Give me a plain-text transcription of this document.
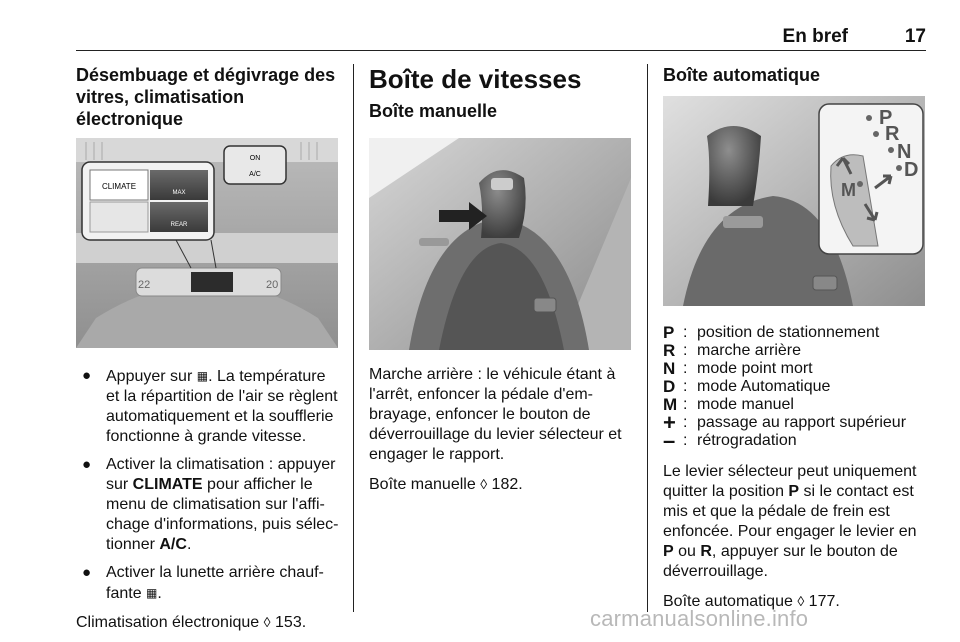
En bref	17
Désembuage et dégivrage des vitres, climatisation électronique
22	20
ON
A/C
CLIMATE
MAX
REAR
● Appuyer sur ▦. La température et la répartition de l'air se règlent automatiquement et la soufflerie fonctionne à grande vitesse.
● Activer la climatisation : appuyer sur CLIMATE pour afficher le menu de climatisation sur l'affi-chage d'informations, puis sélec-tionner A/C.
● Activer la lunette arrière chauf-fante ▦.

Climatisation électronique ◊ 153.

Boîte de vitesses
Boîte manuelle

Marche arrière : le véhicule étant à l'arrêt, enfoncer la pédale d'em-brayage, enfoncer le bouton de déverrouillage du levier sélecteur et engager le rapport.

Boîte manuelle ◊ 182.

Boîte automatique
P
R
N
D
M
P : position de stationnement
R : marche arrière
N : mode point mort
D : mode Automatique
M : mode manuel
+ : passage au rapport supérieur
– : rétrogradation

Le levier sélecteur peut uniquement quitter la position P si le contact est mis et que la pédale de frein est enfoncée. Pour engager le levier en P ou R, appuyer sur le bouton de déverrouillage.

Boîte automatique ◊ 177.

carmanualsonline.info
